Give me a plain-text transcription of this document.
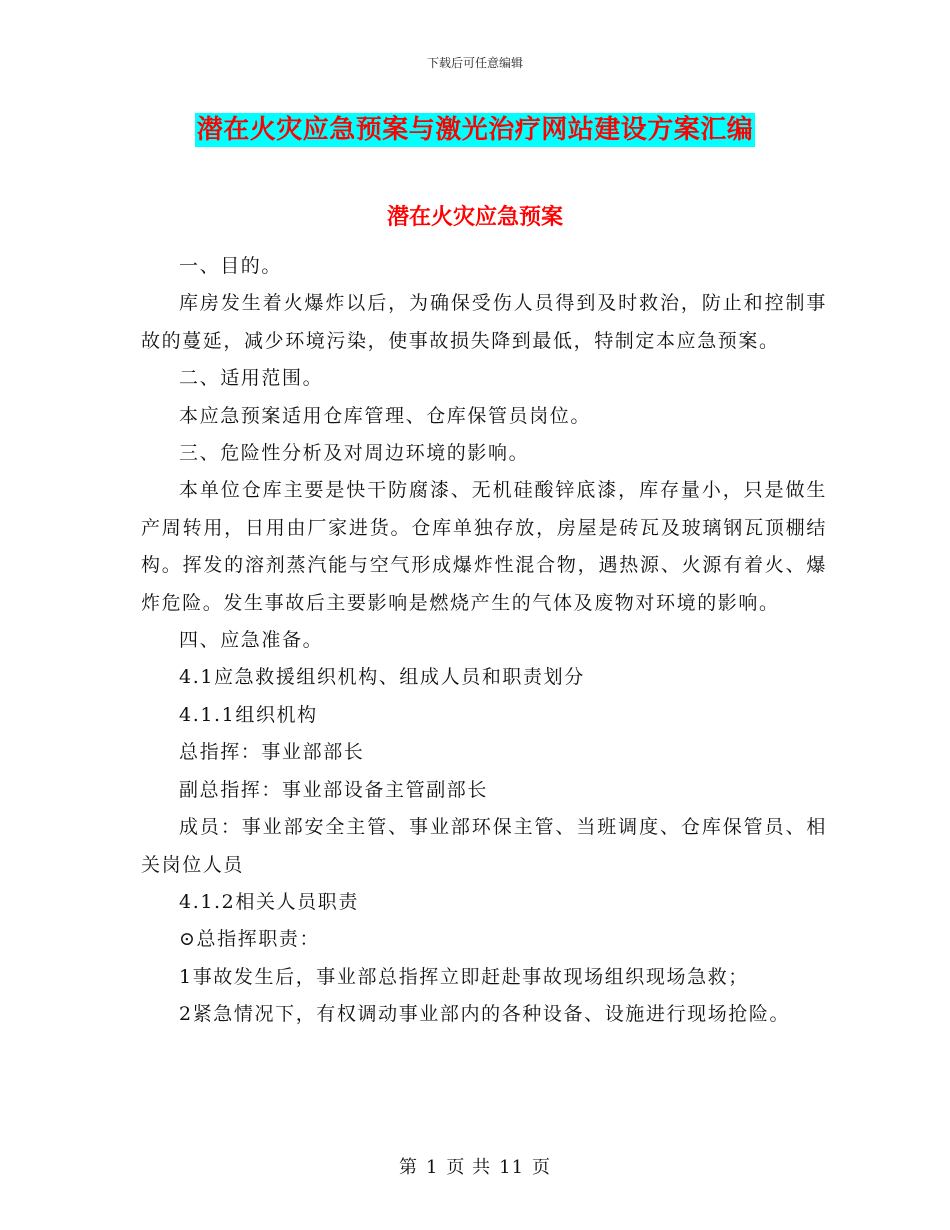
下载后可任意编辑
潜在火灾应急预案与激光治疗网站建设方案汇编
潜在火灾应急预案

一、目的。

库房发生着火爆炸以后，为确保受伤人员得到及时救治，防止和控制事故的蔓延，减少环境污染，使事故损失降到最低，特制定本应急预案。

二、适用范围。

本应急预案适用仓库管理、仓库保管员岗位。

三、危险性分析及对周边环境的影响。

本单位仓库主要是快干防腐漆、无机硅酸锌底漆，库存量小，只是做生产周转用，日用由厂家进货。仓库单独存放，房屋是砖瓦及玻璃钢瓦顶棚结构。挥发的溶剂蒸汽能与空气形成爆炸性混合物，遇热源、火源有着火、爆炸危险。发生事故后主要影响是燃烧产生的气体及废物对环境的影响。

四、应急准备。

4.1应急救援组织机构、组成人员和职责划分

4.1.1组织机构

总指挥：事业部部长

副总指挥：事业部设备主管副部长

成员：事业部安全主管、事业部环保主管、当班调度、仓库保管员、相关岗位人员

4.1.2相关人员职责

⊙总指挥职责：

1事故发生后，事业部总指挥立即赶赴事故现场组织现场急救；

2紧急情况下，有权调动事业部内的各种设备、设施进行现场抢险。

第 1 页 共 11 页
